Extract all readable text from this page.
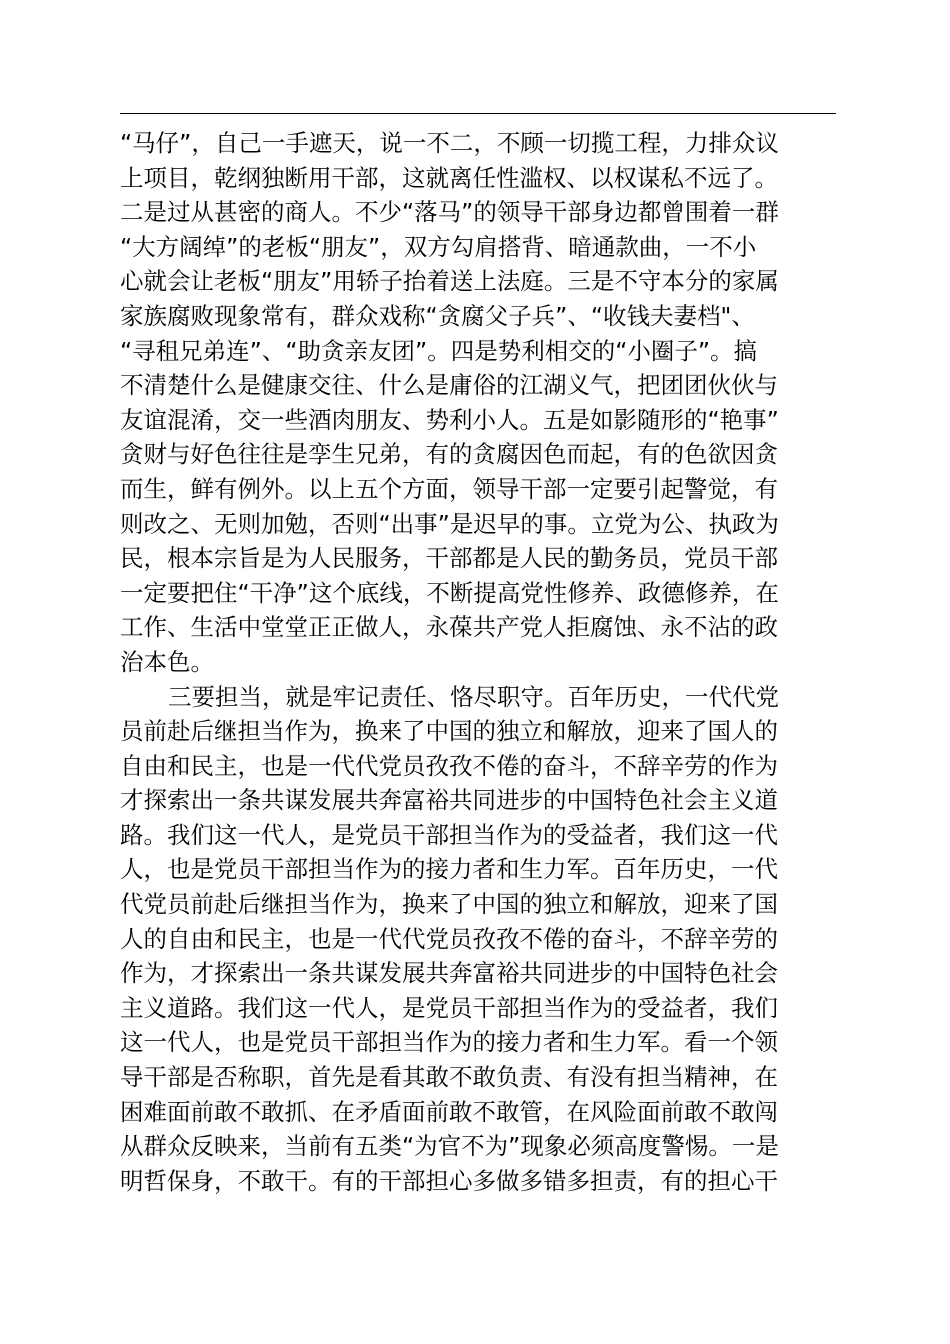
“马仔”，自己一手遮天，说一不二，不顾一切揽工程，力排众议
上项目，乾纲独断用干部，这就离任性滥权、以权谋私不远了。
二是过从甚密的商人。不少“落马”的领导干部身边都曾围着一群
“大方阔绰”的老板“朋友”，双方勾肩搭背、暗通款曲，一不小
心就会让老板“朋友”用轿子抬着送上法庭。三是不守本分的家属
家族腐败现象常有，群众戏称“贪腐父子兵”、“收钱夫妻档"、
“寻租兄弟连”、“助贪亲友团”。四是势利相交的“小圈子”。搞
不清楚什么是健康交往、什么是庸俗的江湖义气，把团团伙伙与
友谊混淆，交一些酒肉朋友、势利小人。五是如影随形的“艳事”
贪财与好色往往是孪生兄弟，有的贪腐因色而起，有的色欲因贪
而生，鲜有例外。以上五个方面，领导干部一定要引起警觉，有
则改之、无则加勉，否则“出事”是迟早的事。立党为公、执政为
民，根本宗旨是为人民服务，干部都是人民的勤务员，党员干部
一定要把住“干净”这个底线，不断提高党性修养、政德修养，在
工作、生活中堂堂正正做人，永葆共产党人拒腐蚀、永不沾的政
治本色。
三要担当，就是牢记责任、恪尽职守。百年历史，一代代党
员前赴后继担当作为，换来了中国的独立和解放，迎来了国人的
自由和民主，也是一代代党员孜孜不倦的奋斗，不辞辛劳的作为
才探索出一条共谋发展共奔富裕共同进步的中国特色社会主义道
路。我们这一代人，是党员干部担当作为的受益者，我们这一代
人，也是党员干部担当作为的接力者和生力军。百年历史，一代
代党员前赴后继担当作为，换来了中国的独立和解放，迎来了国
人的自由和民主，也是一代代党员孜孜不倦的奋斗，不辞辛劳的
作为，才探索出一条共谋发展共奔富裕共同进步的中国特色社会
主义道路。我们这一代人，是党员干部担当作为的受益者，我们
这一代人，也是党员干部担当作为的接力者和生力军。看一个领
导干部是否称职，首先是看其敢不敢负责、有没有担当精神，在
困难面前敢不敢抓、在矛盾面前敢不敢管，在风险面前敢不敢闯
从群众反映来，当前有五类“为官不为”现象必须高度警惕。一是
明哲保身，不敢干。有的干部担心多做多错多担责，有的担心干
